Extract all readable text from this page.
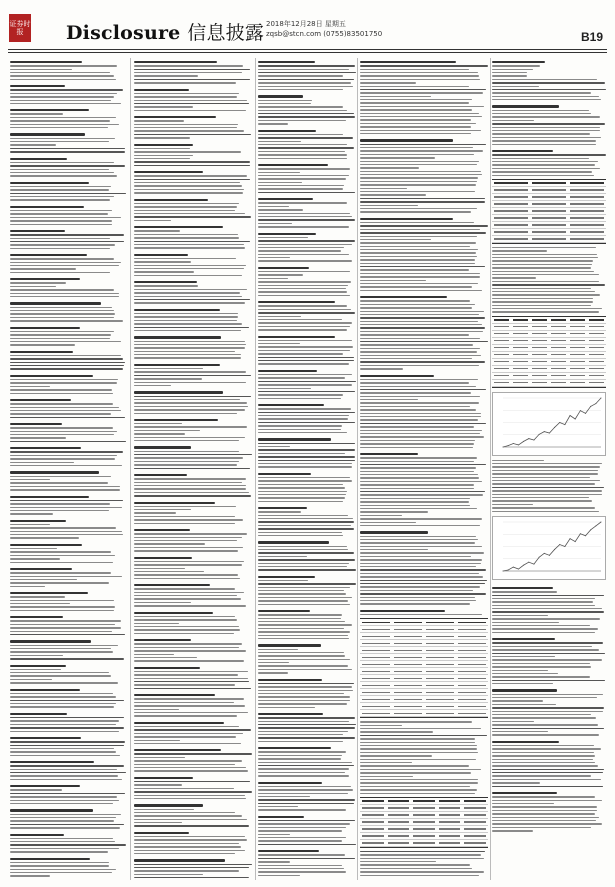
证券时报	Disclosure 信息披露 2018年12月28日 星期五
zqsb@stcn.com (0755)83501750	B19
